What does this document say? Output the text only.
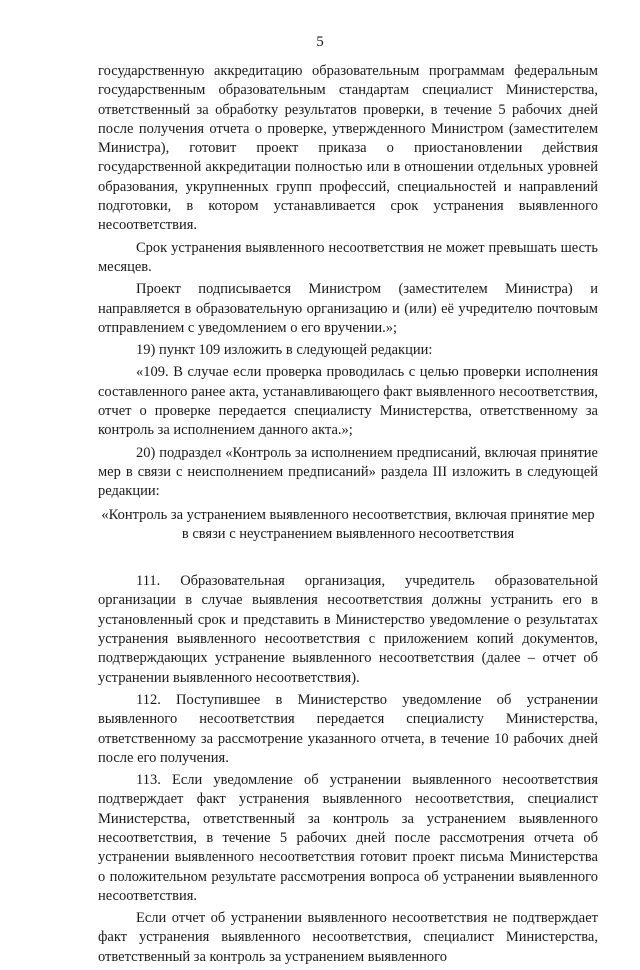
5

государственную аккредитацию образовательным программам федеральным государственным образовательным стандартам специалист Министерства, ответственный за обработку результатов проверки, в течение 5 рабочих дней после получения отчета о проверке, утвержденного Министром (заместителем Министра), готовит проект приказа о приостановлении действия государственной аккредитации полностью или в отношении отдельных уровней образования, укрупненных групп профессий, специальностей и направлений подготовки, в котором устанавливается срок устранения выявленного несоответствия.

Срок устранения выявленного несоответствия не может превышать шесть месяцев.

Проект подписывается Министром (заместителем Министра) и направляется в образовательную организацию и (или) её учредителю почтовым отправлением с уведомлением о его вручении.»;

19) пункт 109 изложить в следующей редакции:

«109. В случае если проверка проводилась с целью проверки исполнения составленного ранее акта, устанавливающего факт выявленного несоответствия, отчет о проверке передается специалисту Министерства, ответственному за контроль за исполнением данного акта.»;

20) подраздел «Контроль за исполнением предписаний, включая принятие мер в связи с неисполнением предписаний» раздела III изложить в следующей редакции:

«Контроль за устранением выявленного несоответствия, включая принятие мер в связи с неустранением выявленного несоответствия

111. Образовательная организация, учредитель образовательной организации в случае выявления несоответствия должны устранить его в установленный срок и представить в Министерство уведомление о результатах устранения выявленного несоответствия с приложением копий документов, подтверждающих устранение выявленного несоответствия (далее – отчет об устранении выявленного несоответствия).

112. Поступившее в Министерство уведомление об устранении выявленного несоответствия передается специалисту Министерства, ответственному за рассмотрение указанного отчета, в течение 10 рабочих дней после его получения.

113. Если уведомление об устранении выявленного несоответствия подтверждает факт устранения выявленного несоответствия, специалист Министерства, ответственный за контроль за устранением выявленного несоответствия, в течение 5 рабочих дней после рассмотрения отчета об устранении выявленного несоответствия готовит проект письма Министерства о положительном результате рассмотрения вопроса об устранении выявленного несоответствия.

Если отчет об устранении выявленного несоответствия не подтверждает факт устранения выявленного несоответствия, специалист Министерства, ответственный за контроль за устранением выявленного
